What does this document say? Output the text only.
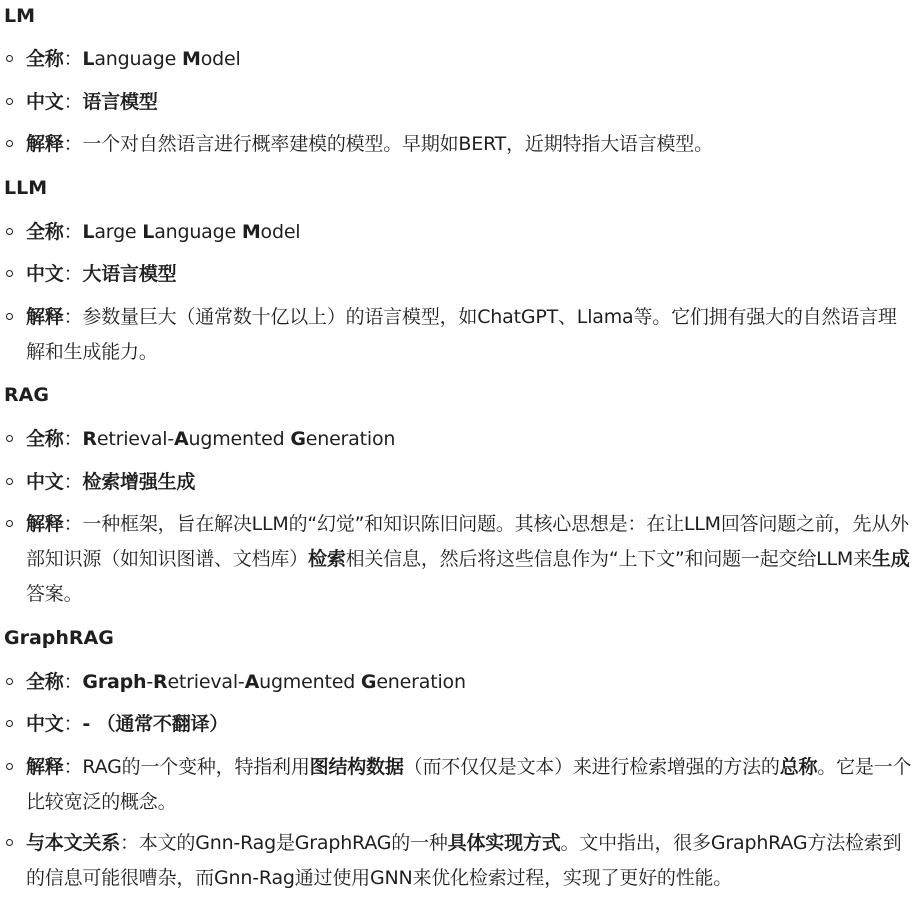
LM
全称：Language Model
中文：语言模型
解释：一个对自然语言进行概率建模的模型。早期如BERT，近期特指大语言模型。
LLM
全称：Large Language Model
中文：大语言模型
解释：参数量巨大（通常数十亿以上）的语言模型，如ChatGPT、Llama等。它们拥有强大的自然语言理解和生成能力。
RAG
全称：Retrieval-Augmented Generation
中文：检索增强生成
解释：一种框架，旨在解决LLM的“幻觉”和知识陈旧问题。其核心思想是：在让LLM回答问题之前，先从外部知识源（如知识图谱、文档库）检索相关信息，然后将这些信息作为“上下文”和问题一起交给LLM来生成答案。
GraphRAG
全称：Graph-Retrieval-Augmented Generation
中文：- （通常不翻译）
解释：RAG的一个变种，特指利用图结构数据（而不仅仅是文本）来进行检索增强的方法的总称。它是一个比较宽泛的概念。
与本文关系：本文的Gnn-Rag是GraphRAG的一种具体实现方式。文中指出，很多GraphRAG方法检索到的信息可能很嘈杂，而Gnn-Rag通过使用GNN来优化检索过程，实现了更好的性能。
